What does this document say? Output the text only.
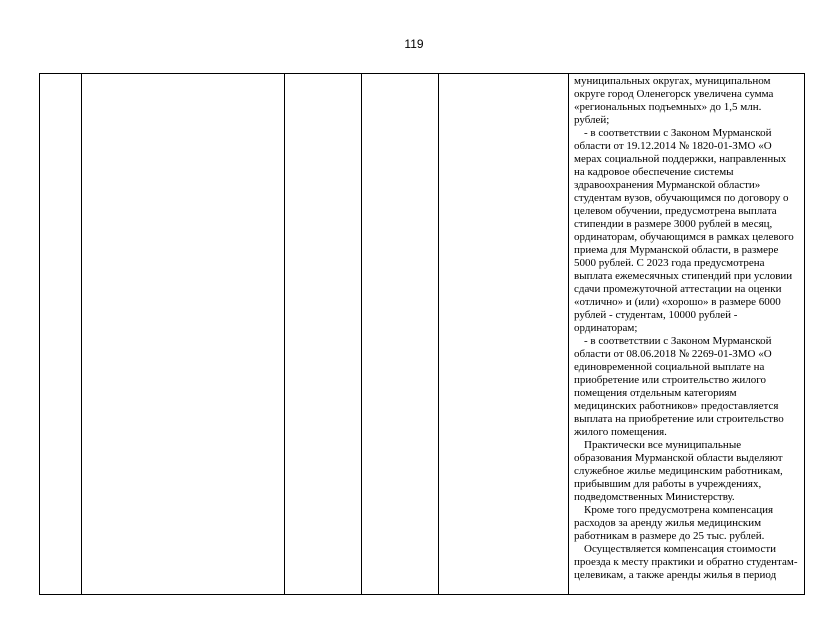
119

муниципальных округах, муниципальном
округе город Оленегорск увеличена сумма
«региональных подъемных» до 1,5 млн.
рублей;

- в соответствии с Законом Мурманской
области от 19.12.2014 № 1820-01-ЗМО «О
мерах социальной поддержки, направленных
на кадровое обеспечение системы
здравоохранения Мурманской области»
студентам вузов, обучающимся по договору о
целевом обучении, предусмотрена выплата
стипендии в размере 3000 рублей в месяц,
ординаторам, обучающимся в рамках целевого
приема для Мурманской области, в размере
5000 рублей. С 2023 года предусмотрена
выплата ежемесячных стипендий при условии
сдачи промежуточной аттестации на оценки
«отлично» и (или) «хорошо» в размере 6000
рублей - студентам, 10000 рублей -
ординаторам;

- в соответствии с Законом Мурманской
области от 08.06.2018 № 2269-01-ЗМО «О
единовременной социальной выплате на
приобретение или строительство жилого
помещения отдельным категориям
медицинских работников» предоставляется
выплата на приобретение или строительство
жилого помещения.

Практически все муниципальные
образования Мурманской области выделяют
служебное жилье медицинским работникам,
прибывшим для работы в учреждениях,
подведомственных Министерству.

Кроме того предусмотрена компенсация
расходов за аренду жилья медицинским
работникам в размере до 25 тыс. рублей.

Осуществляется компенсация стоимости
проезда к месту практики и обратно студентам-
целевикам, а также аренды жилья в период
